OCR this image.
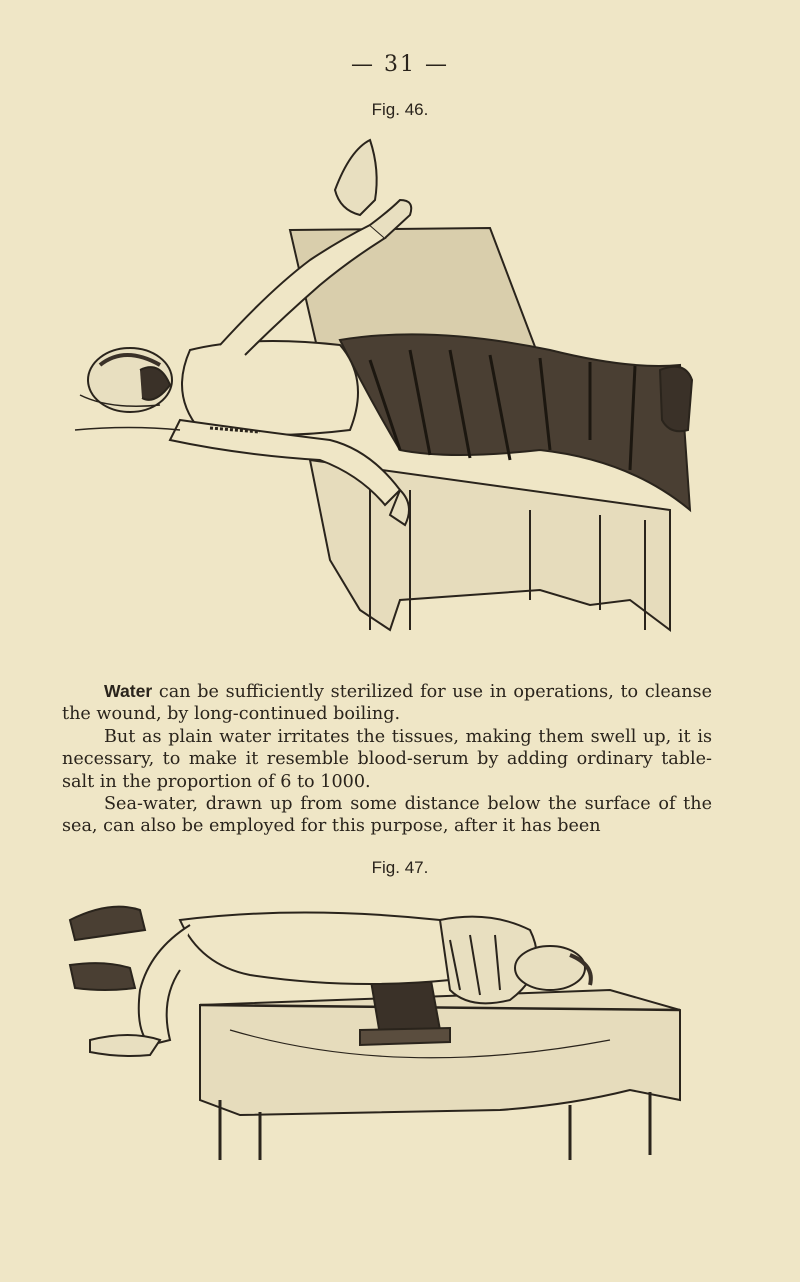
— 31 —
Fig. 46.

Water can be sufficiently sterilized for use in operations, to cleanse the wound, by long-continued boiling.

But as plain water irritates the tissues, making them swell up, it is necessary, to make it resemble blood-serum by adding ordinary table-salt in the proportion of 6 to 1000.

Sea-water, drawn up from some distance below the surface of the sea, can also be employed for this purpose, after it has been

Fig. 47.
